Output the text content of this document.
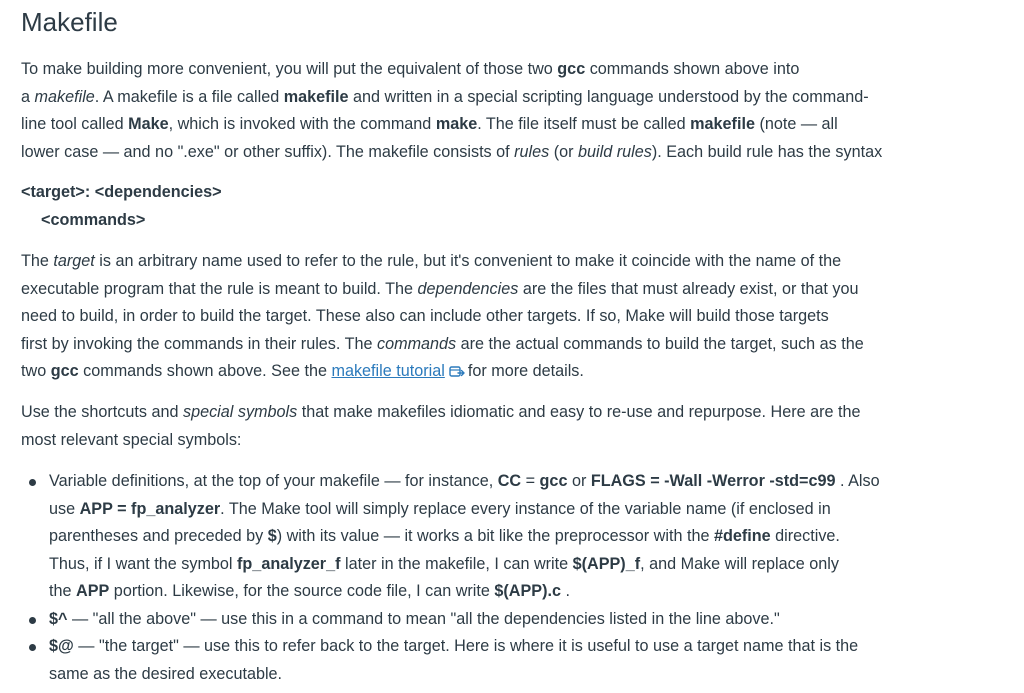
Makefile
To make building more convenient, you will put the equivalent of those two gcc commands shown above into
a makefile. A makefile is a file called makefile and written in a special scripting language understood by the command-
line tool called Make, which is invoked with the command make. The file itself must be called makefile (note — all
lower case — and no ".exe" or other suffix). The makefile consists of rules (or build rules). Each build rule has the syntax
<target>: <dependencies>
<commands>
The target is an arbitrary name used to refer to the rule, but it's convenient to make it coincide with the name of the
executable program that the rule is meant to build. The dependencies are the files that must already exist, or that you
need to build, in order to build the target. These also can include other targets. If so, Make will build those targets
first by invoking the commands in their rules. The commands are the actual commands to build the target, such as the
two gcc commands shown above. See the makefile tutorial for more details.
Use the shortcuts and special symbols that make makefiles idiomatic and easy to re-use and repurpose. Here are the
most relevant special symbols:
Variable definitions, at the top of your makefile — for instance, CC = gcc or FLAGS = -Wall -Werror -std=c99 . Also
use APP = fp_analyzer. The Make tool will simply replace every instance of the variable name (if enclosed in
parentheses and preceded by $) with its value — it works a bit like the preprocessor with the #define directive.
Thus, if I want the symbol fp_analyzer_f later in the makefile, I can write $(APP)_f, and Make will replace only
the APP portion. Likewise, for the source code file, I can write $(APP).c .
$^ — "all the above" — use this in a command to mean "all the dependencies listed in the line above."
$@ — "the target" — use this to refer back to the target. Here is where it is useful to use a target name that is the
same as the desired executable.
